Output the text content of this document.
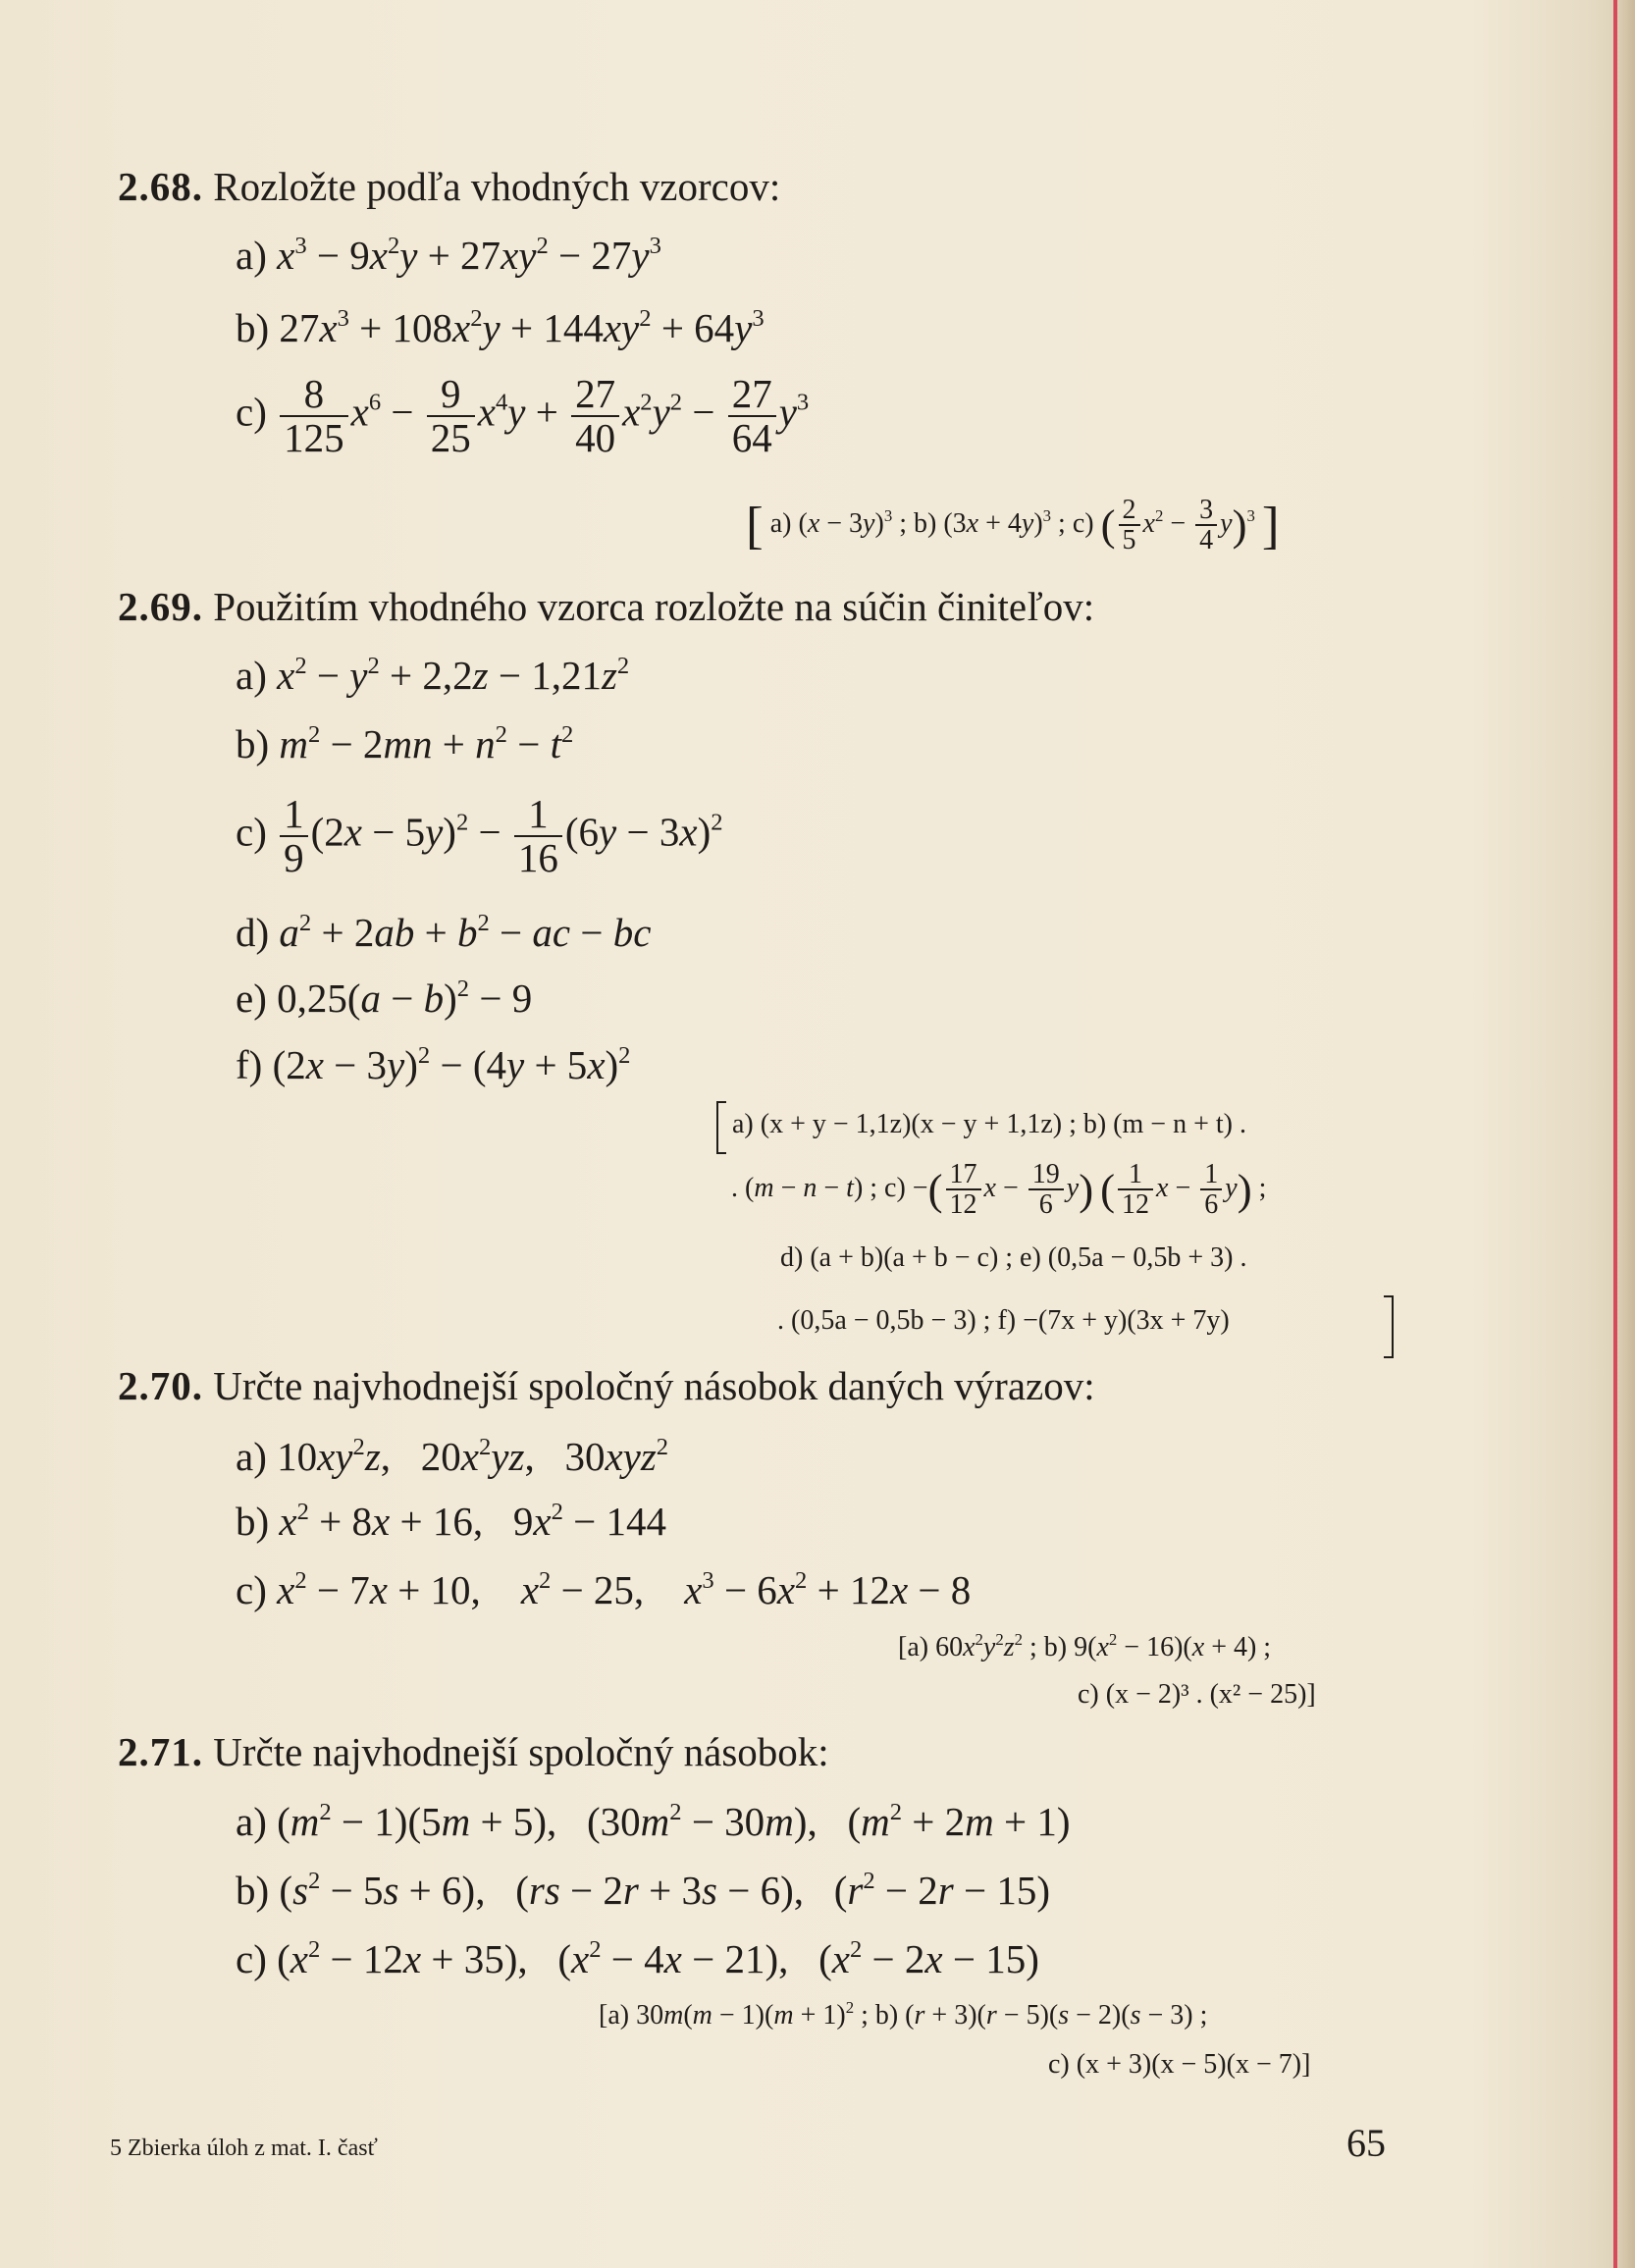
2.68. Rozložte podľa vhodných vzorcov:
a) $x^3 - 9x^2y + 27xy^2 - 27y^3$
b) $27x^3 + 108x^2y + 144xy^2 + 64y^3$
$c) \frac{8}{125} x^6 - \frac{9}{25} x^4y + \frac{27}{40} x^2y^2 - \frac{27}{64} y^3$
[ a) $(x - 3y)^3$ ; b) $(3x + 4y)^3$ ; c) ( $\frac{2}{5} x^2 - \frac{3}{4} y)^3$ ]
2.69. Použitím vhodného vzorca rozložte na súčin činiteľov:
a) $x^2 - y^2 + 2,2z - 1,21z^2$
b) $m^2 - 2mn + n^2 - t^2$
$c) \frac{1}{9} (2x - 5y)^2 - \frac{1}{16} (6y - 3x)^2$
d) $a^2 + 2ab + b^2$ − ac − bc
e) $0,25(a - b)^2 - 9$
f) $(2x - 3y)^2 - (4y + 5x)^2$
a) (x + y − 1,1z)(x − y + 1,1z) ; b) (m − n + t) .
. (m − n − t) ; c) −( $\frac{17}{12}$ $x - \frac{19}{6} y$) ( $\frac{1}{12}$ $x - \frac{1}{6} y$) ;
d) (a + b)(a + b − c) ; e) (0,5a − 0,5b + 3) .
. (0,5a − 0,5b − 3) ; f) −(7x + y)(3x + 7y)
2.70. Určte najvhodnejší spoločný násobok daných výrazov:
a) $10xy^2z$,   $20x^2yz$,   30xyz$^2$
b) $x^2 + 8x + 16$,   $9x^2 - 144$
c) $x^2 - 7x + 10$,    $x^2 - 25$,    $x^3 - 6x^2 + 12x - 8$
[a) $60x^2y^2z^2$ ; b) $9(x^2 - 16)(x + 4)$ ;
c) (x − 2)³ . (x² − 25)]
2.71. Určte najvhodnejší spoločný násobok:
a) $(m^2 - 1)(5m + 5)$,   $(30m^2 - 30m)$,   $(m^2 + 2m + 1)$
b) $(s^2 - 5s + 6)$,   (rs − 2r + 3s − 6),   $(r^2 - 2r - 15)$
c) $(x^2 - 12x + 35)$,   $(x^2 - 4x - 21)$,   $(x^2 - 2x - 15)$
[a) $30m(m - 1)(m + 1)^2$ ; b) (r + 3)(r − 5)(s − 2)(s − 3) ;
c) (x + 3)(x − 5)(x − 7)]
5 Zbierka úloh z mat. I. časť	65
